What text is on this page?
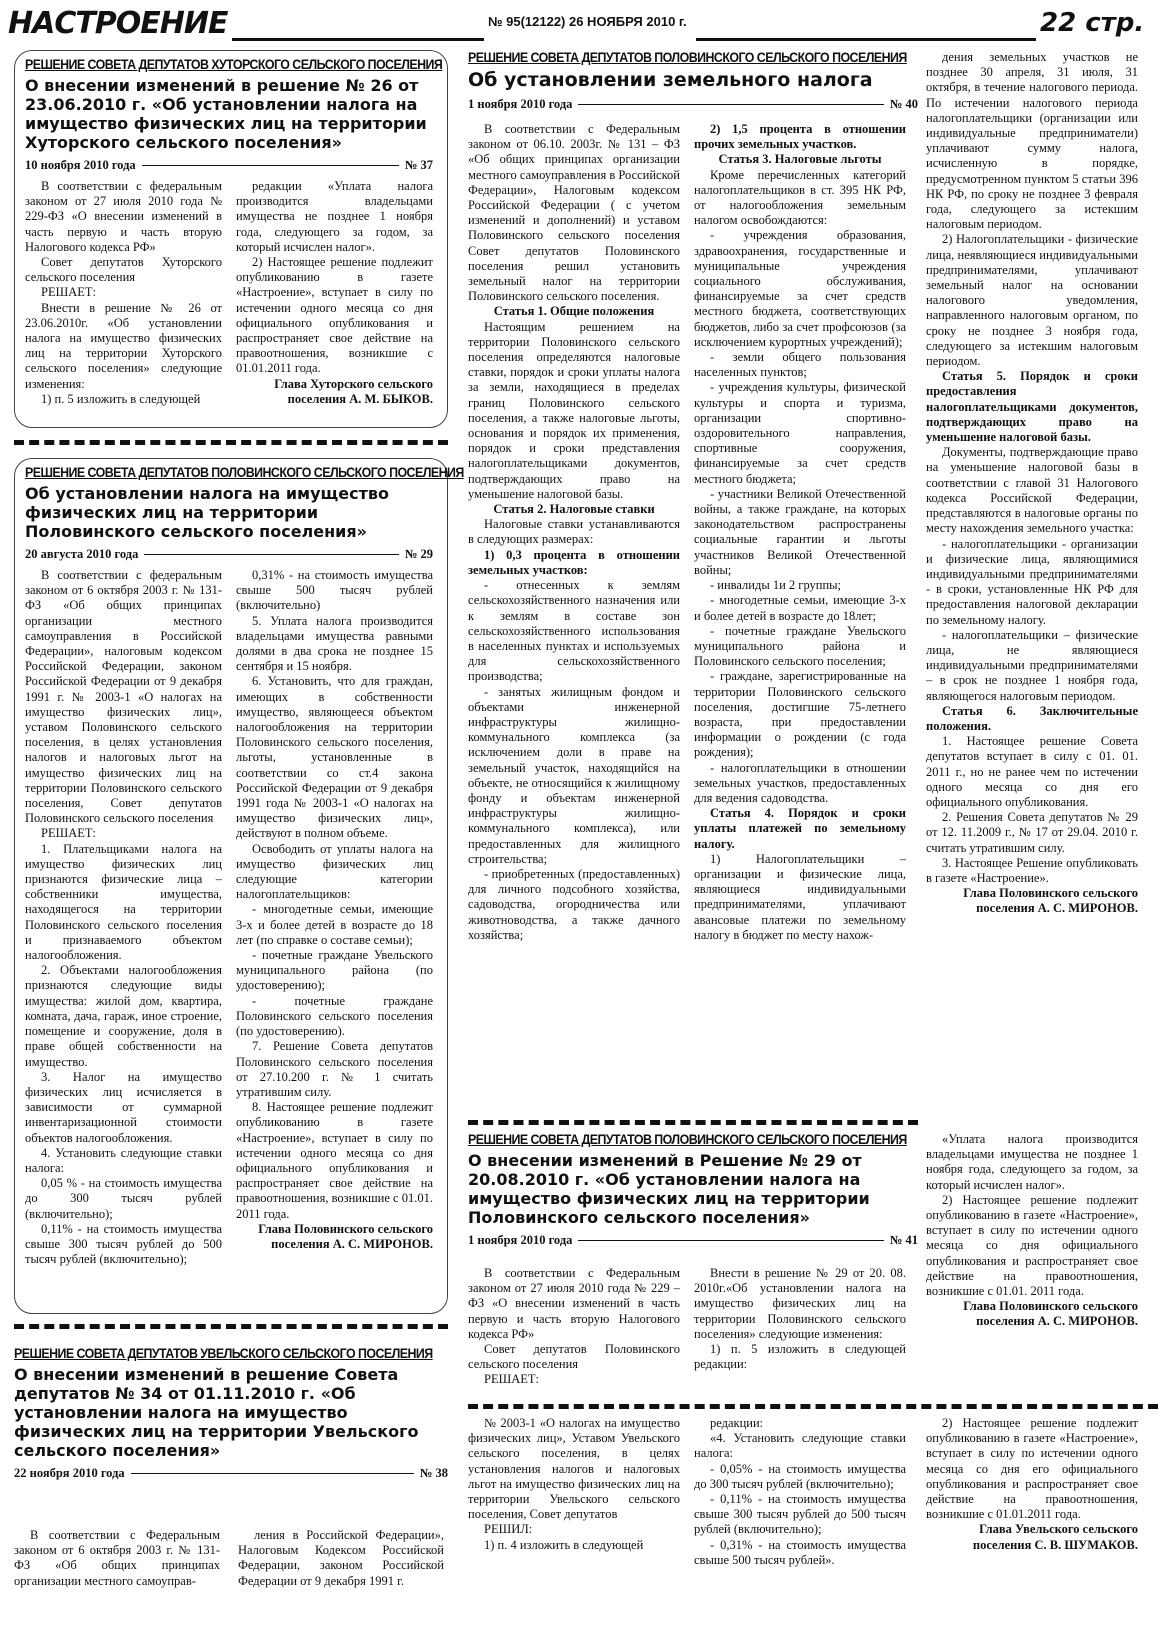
НАСТРОЕНИЕ	№ 95(12122) 26 НОЯБРЯ 2010 г.	22 стр.
РЕШЕНИЕ СОВЕТА ДЕПУТАТОВ ХУТОРСКОГО СЕЛЬСКОГО ПОСЕЛЕНИЯ
О внесении изменений в решение № 26 от 23.06.2010 г. «Об установлении налога на имущество физических лиц на территории Хуторского сельского поселения»
10 ноября 2010 года	№ 37

В соответствии с федеральным законом от 27 июля 2010 года № 229-ФЗ «О внесении изменений в часть первую и часть вторую Налогового кодекса РФ»

Совет депутатов Хуторского сельского поселения

РЕШАЕТ:

Внести в решение № 26 от 23.06.2010г. «Об установлении налога на имущество физических лиц на территории Хуторского сельского поселения» следующие изменения:

1) п. 5 изложить в следующей

редакции «Уплата налога производится владельцами имущества не позднее 1 ноября года, следующего за годом, за который исчислен налог».

2) Настоящее решение подлежит опубликованию в газете «Настроение», вступает в силу по истечении одного месяца со дня официального опубликования и распространяет свое действие на правоотношения, возникшие с 01.01.2011 года.

Глава Хуторского сельского поселения А. М. БЫКОВ.

РЕШЕНИЕ СОВЕТА ДЕПУТАТОВ ПОЛОВИНСКОГО СЕЛЬСКОГО ПОСЕЛЕНИЯ
Об установлении налога на имущество физических лиц на территории Половинского сельского поселения»
20 августа 2010 года	№ 29

В соответствии с федеральным законом от 6 октября 2003 г. № 131-ФЗ «Об общих принципах организации местного самоуправления в Российской Федерации», налоговым кодексом Российской Федерации, законом Российской Федерации от 9 декабря 1991 г. № 2003-1 «О налогах на имущество физических лиц», уставом Половинского сельского поселения, в целях установления налогов и налоговых льгот на имущество физических лиц на территории Половинского сельского поселения, Совет депутатов Половинского сельского поселения

РЕШАЕТ:

1. Плательщиками налога на имущество физических лиц признаются физические лица – собственники имущества, находящегося на территории Половинского сельского поселения и признаваемого объектом налогообложения.

2. Объектами налогообложения признаются следующие виды имущества: жилой дом, квартира, комната, дача, гараж, иное строение, помещение и сооружение, доля в праве общей собственности на имущество.

3. Налог на имущество физических лиц исчисляется в зависимости от суммарной инвентаризационной стоимости объектов налогообложения.

4. Установить следующие ставки налога:

0,05 % - на стоимость имущества до 300 тысяч рублей (включительно);

0,11% - на стоимость имущества свыше 300 тысяч рублей до 500 тысяч рублей (включительно);

0,31% - на стоимость имущества свыше 500 тысяч рублей (включительно)

5. Уплата налога производится владельцами имущества равными долями в два срока не позднее 15 сентября и 15 ноября.

6. Установить, что для граждан, имеющих в собственности имущество, являющееся объектом налогообложения на территории Половинского сельского поселения, льготы, установленные в соответствии со ст.4 закона Российской Федерации от 9 декабря 1991 года № 2003-1 «О налогах на имущество физических лиц», действуют в полном объеме.

Освободить от уплаты налога на имущество физических лиц следующие категории налогоплательщиков:

- многодетные семьи, имеющие 3-х и более детей в возрасте до 18 лет (по справке о составе семьи);

- почетные граждане Увельского муниципального района (по удостоверению);

- почетные граждане Половинского сельского поселения (по удостоверению).

7. Решение Совета депутатов Половинского сельского поселения от 27.10.200 г. № 1 считать утратившим силу.

8. Настоящее решение подлежит опубликованию в газете «Настроение», вступает в силу по истечении одного месяца со дня официального опубликования и распространяет свое действие на правоотношения, возникшие с 01.01. 2011 года.

Глава Половинского сельского поселения А. С. МИРОНОВ.

РЕШЕНИЕ СОВЕТА ДЕПУТАТОВ ПОЛОВИНСКОГО СЕЛЬСКОГО ПОСЕЛЕНИЯ
Об установлении земельного налога
1 ноября 2010 года	№ 40

В соответствии с Федеральным законом от 06.10. 2003г. № 131 – ФЗ «Об общих принципах организации местного самоуправления в Российской Федерации», Налоговым кодексом Российской Федерации ( с учетом изменений и дополнений) и уставом Половинского сельского поселения Совет депутатов Половинского поселения решил установить земельный налог на территории Половинского сельского поселения.

Статья 1. Общие положения

Настоящим решением на территории Половинского сельского поселения определяются налоговые ставки, порядок и сроки уплаты налога за земли, находящиеся в пределах границ Половинского сельского поселения, а также налоговые льготы, основания и порядок их применения, порядок и сроки представления налогоплательщиками документов, подтверждающих право на уменьшение налоговой базы.

Статья 2. Налоговые ставки

Налоговые ставки устанавливаются в следующих размерах:

1) 0,3 процента в отношении земельных участков:

- отнесенных к землям сельскохозяйственного назначения или к землям в составе зон сельскохозяйственного использования в населенных пунктах и используемых для сельскохозяйственного производства;

- занятых жилищным фондом и объектами инженерной инфраструктуры жилищно-коммунального комплекса (за исключением доли в праве на земельный участок, находящийся на объекте, не относящийся к жилищному фонду и объектам инженерной инфраструктуры жилищно-коммунального комплекса), или предоставленных для жилищного строительства;

- приобретенных (предоставленных) для личного подсобного хозяйства, садоводства, огородничества или животноводства, а также дачного хозяйства;

2) 1,5 процента в отношении прочих земельных участков.

Статья 3. Налоговые льготы

Кроме перечисленных категорий налогоплательщиков в ст. 395 НК РФ, от налогообложения земельным налогом освобождаются:

- учреждения образования, здравоохранения, государственные и муниципальные учреждения социального обслуживания, финансируемые за счет средств местного бюджета, соответствующих бюджетов, либо за счет профсоюзов (за исключением курортных учреждений);

- земли общего пользования населенных пунктов;

- учреждения культуры, физической культуры и спорта и туризма, организации спортивно-оздоровительного направления, спортивные сооружения, финансируемые за счет средств местного бюджета;

- участники Великой Отечественной войны, а также граждане, на которых законодательством распространены социальные гарантии и льготы участников Великой Отечественной войны;

- инвалиды 1и 2 группы;

- многодетные семьи, имеющие 3-х и более детей в возрасте до 18лет;

- почетные граждане Увельского муниципального района и Половинского сельского поселения;

- граждане, зарегистрированные на территории Половинского сельского поселения, достигшие 75-летнего возраста, при предоставлении информации о рождении (с года рождения);

- налогоплательщики в отношении земельных участков, предоставленных для ведения садоводства.

Статья 4. Порядок и сроки уплаты платежей по земельному налогу.

1) Налогоплательщики – организации и физические лица, являющиеся индивидуальными предпринимателями, уплачивают авансовые платежи по земельному налогу в бюджет по месту нахож-

дения земельных участков не позднее 30 апреля, 31 июля, 31 октября, в течение налогового периода. По истечении налогового периода налогоплательщики (организации или индивидуальные предприниматели) уплачивают сумму налога, исчисленную в порядке, предусмотренном пунктом 5 статьи 396 НК РФ, по сроку не позднее 3 февраля года, следующего за истекшим налоговым периодом.

2) Налогоплательщики - физические лица, неявляющиеся индивидуальными предпринимателями, уплачивают земельный налог на основании налогового уведомления, направленного налоговым органом, по сроку не позднее 3 ноября года, следующего за истекшим налоговым периодом.

Статья 5. Порядок и сроки предоставления налогоплательщиками документов, подтверждающих право на уменьшение налоговой базы.

Документы, подтверждающие право на уменьшение налоговой базы в соответствии с главой 31 Налогового кодекса Российской Федерации, представляются в налоговые органы по месту нахождения земельного участка:

- налогоплательщики - организации и физические лица, являющимися индивидуальными предпринимателями - в сроки, установленные НК РФ для предоставления налоговой декларации по земельному налогу.

- налогоплательщики – физические лица, не являющиеся индивидуальными предпринимателями – в срок не позднее 1 ноября года, являющегося налоговым периодом.

Статья 6. Заключительные положения.

1. Настоящее решение Совета депутатов вступает в силу с 01. 01. 2011 г., но не ранее чем по истечении одного месяца со дня его официального опубликования.

2. Решения Совета депутатов № 29 от 12. 11.2009 г., № 17 от 29.04. 2010 г. считать утратившим силу.

3. Настоящее Решение опубликовать в газете «Настроение».

Глава Половинского сельского поселения А. С. МИРОНОВ.

РЕШЕНИЕ СОВЕТА ДЕПУТАТОВ ПОЛОВИНСКОГО СЕЛЬСКОГО ПОСЕЛЕНИЯ
О внесении изменений в Решение № 29 от 20.08.2010 г. «Об установлении налога на имущество физических лиц на территории Половинского сельского поселения»
1 ноября 2010 года	№ 41

В соответствии с Федеральным законом от 27 июля 2010 года № 229 –ФЗ «О внесении изменений в часть первую и часть вторую Налогового кодекса РФ»

Совет депутатов Половинского сельского поселения

РЕШАЕТ:

Внести в решение № 29 от 20. 08. 2010г.«Об установлении налога на имущество физических лиц на территории Половинского сельского поселения» следующие изменения:

1) п. 5 изложить в следующей редакции:

«Уплата налога производится владельцами имущества не позднее 1 ноября года, следующего за годом, за который исчислен налог».

2) Настоящее решение подлежит опубликованию в газете «Настроение», вступает в силу по истечении одного месяца со дня официального опубликования и распространяет свое действие на правоотношения, возникшие с 01.01. 2011 года.

Глава Половинского сельского поселения А. С. МИРОНОВ.

РЕШЕНИЕ СОВЕТА ДЕПУТАТОВ УВЕЛЬСКОГО СЕЛЬСКОГО ПОСЕЛЕНИЯ
О внесении изменений в решение Совета депутатов № 34 от 01.11.2010 г. «Об установлении налога на имущество физических лиц на территории Увельского сельского поселения»
22 ноября 2010 года	№ 38

В соответствии с Федеральным законом от 6 октября 2003 г. № 131-ФЗ «Об общих принципах организации местного самоуправ-

ления в Российской Федерации», Налоговым Кодексом Российской Федерации, законом Российской Федерации от 9 декабря 1991 г.

№ 2003-1 «О налогах на имущество физических лиц», Уставом Увельского сельского поселения, в целях установления налогов и налоговых льгот на имущество физических лиц на территории Увельского сельского поселения, Совет депутатов

РЕШИЛ:

1) п. 4 изложить в следующей

редакции:

«4. Установить следующие ставки налога:

- 0,05% - на стоимость имущества до 300 тысяч рублей (включительно);

- 0,11% - на стоимость имущества свыше 300 тысяч рублей до 500 тысяч рублей (включительно);

- 0,31% - на стоимость имущества свыше 500 тысяч рублей».

2) Настоящее решение подлежит опубликованию в газете «Настроение», вступает в силу по истечении одного месяца со дня его официального опубликования и распространяет свое действие на правоотношения, возникшие с 01.01.2011 года.

Глава Увельского сельского поселения С. В. ШУМАКОВ.
